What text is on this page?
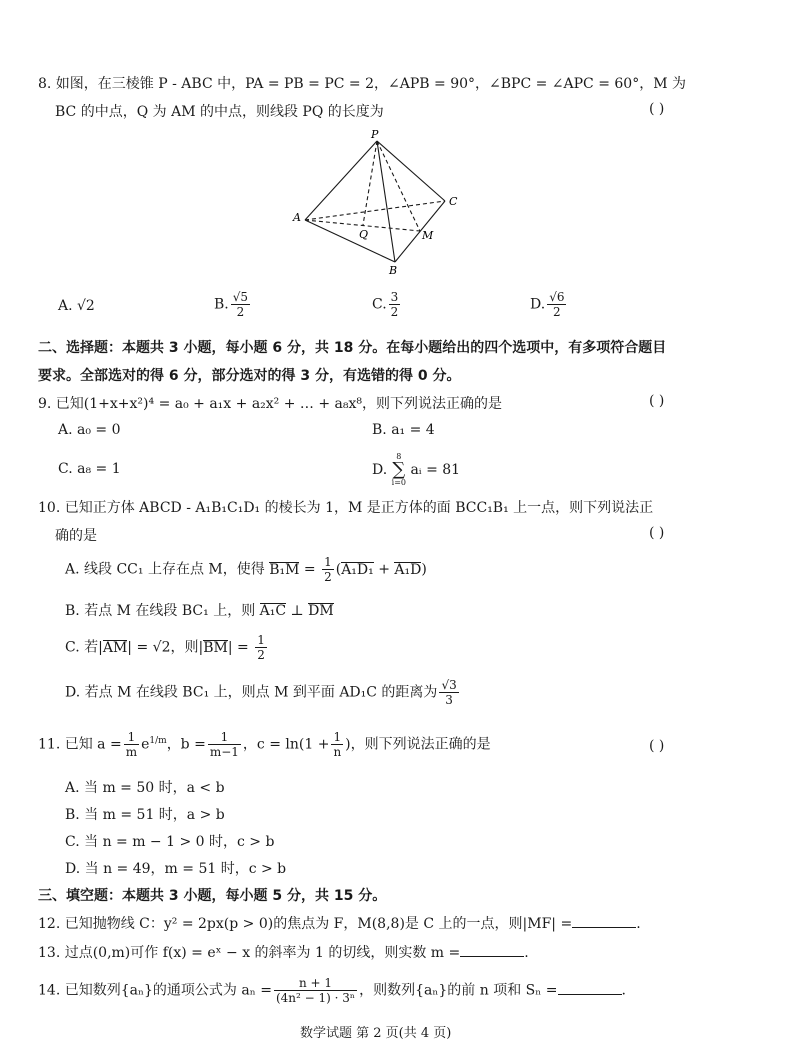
8. 如图，在三棱锥 P - ABC 中，PA = PB = PC = 2，∠APB = 90°，∠BPC = ∠APC = 60°，M 为
BC 的中点，Q 为 AM 的中点，则线段 PQ 的长度为	( )
P
A
B
C
Q	M
A. √2	B. $\frac{√5}{2}$	C. $\frac{3}{2}$	D. $\frac{√6}{2}$
二、选择题：本题共 3 小题，每小题 6 分，共 18 分。在每小题给出的四个选项中，有多项符合题目
要求。全部选对的得 6 分，部分选对的得 3 分，有选错的得 0 分。
9. 已知(1+x+x²)⁴ = a₀ + a₁x + a₂x² + … + a₈x⁸，则下列说法正确的是	( )
A. a₀ = 0	B. a₁ = 4
C. a₈ = 1	D.
8
∑
i=0
aᵢ = 81
10. 已知正方体 ABCD - A₁B₁C₁D₁ 的棱长为 1，M 是正方体的面 BCC₁B₁ 上一点，则下列说法正
确的是	( )
A. 线段 CC₁ 上存在点 M，使得 $B_1M = \frac{1}{2} (A_1D_1 + A_1D)$
B. 若点 M 在线段 BC₁ 上，则 A₁C ⊥ DM
C. 若|AM| = √2，则$|BM| = \frac{1}{2}$
D. 若点 M 在线段 BC₁ 上，则点 M 到平面 AD₁C 的距离为 $\frac{√3}{3}$
11. 已知 $a = \frac{1}{m} e^{1/m}$，$b = \frac{1}{m-1}$ ，$c = \ln(1 + \frac{1}{n}$ )，则下列说法正确的是	( )
A. 当 m = 50 时，a < b
B. 当 m = 51 时，a > b
C. 当 n = m − 1 > 0 时，c > b
D. 当 n = 49，m = 51 时，c > b
三、填空题：本题共 3 小题，每小题 5 分，共 15 分。
12. 已知抛物线 C：y² = 2px(p > 0)的焦点为 F，M(8,8)是 C 上的一点，则|MF| =	.
13. 过点(0,m)可作 f(x) = eˣ − x 的斜率为 1 的切线，则实数 m =	.
14. 已知数列{aₙ}的通项公式为 $a_n = \frac{n + 1}{\text{(4n² − 1) · 3ⁿ}}$ ，则数列{aₙ}的前 n 项和 Sₙ =	.
数学试题 第 2 页(共 4 页)
